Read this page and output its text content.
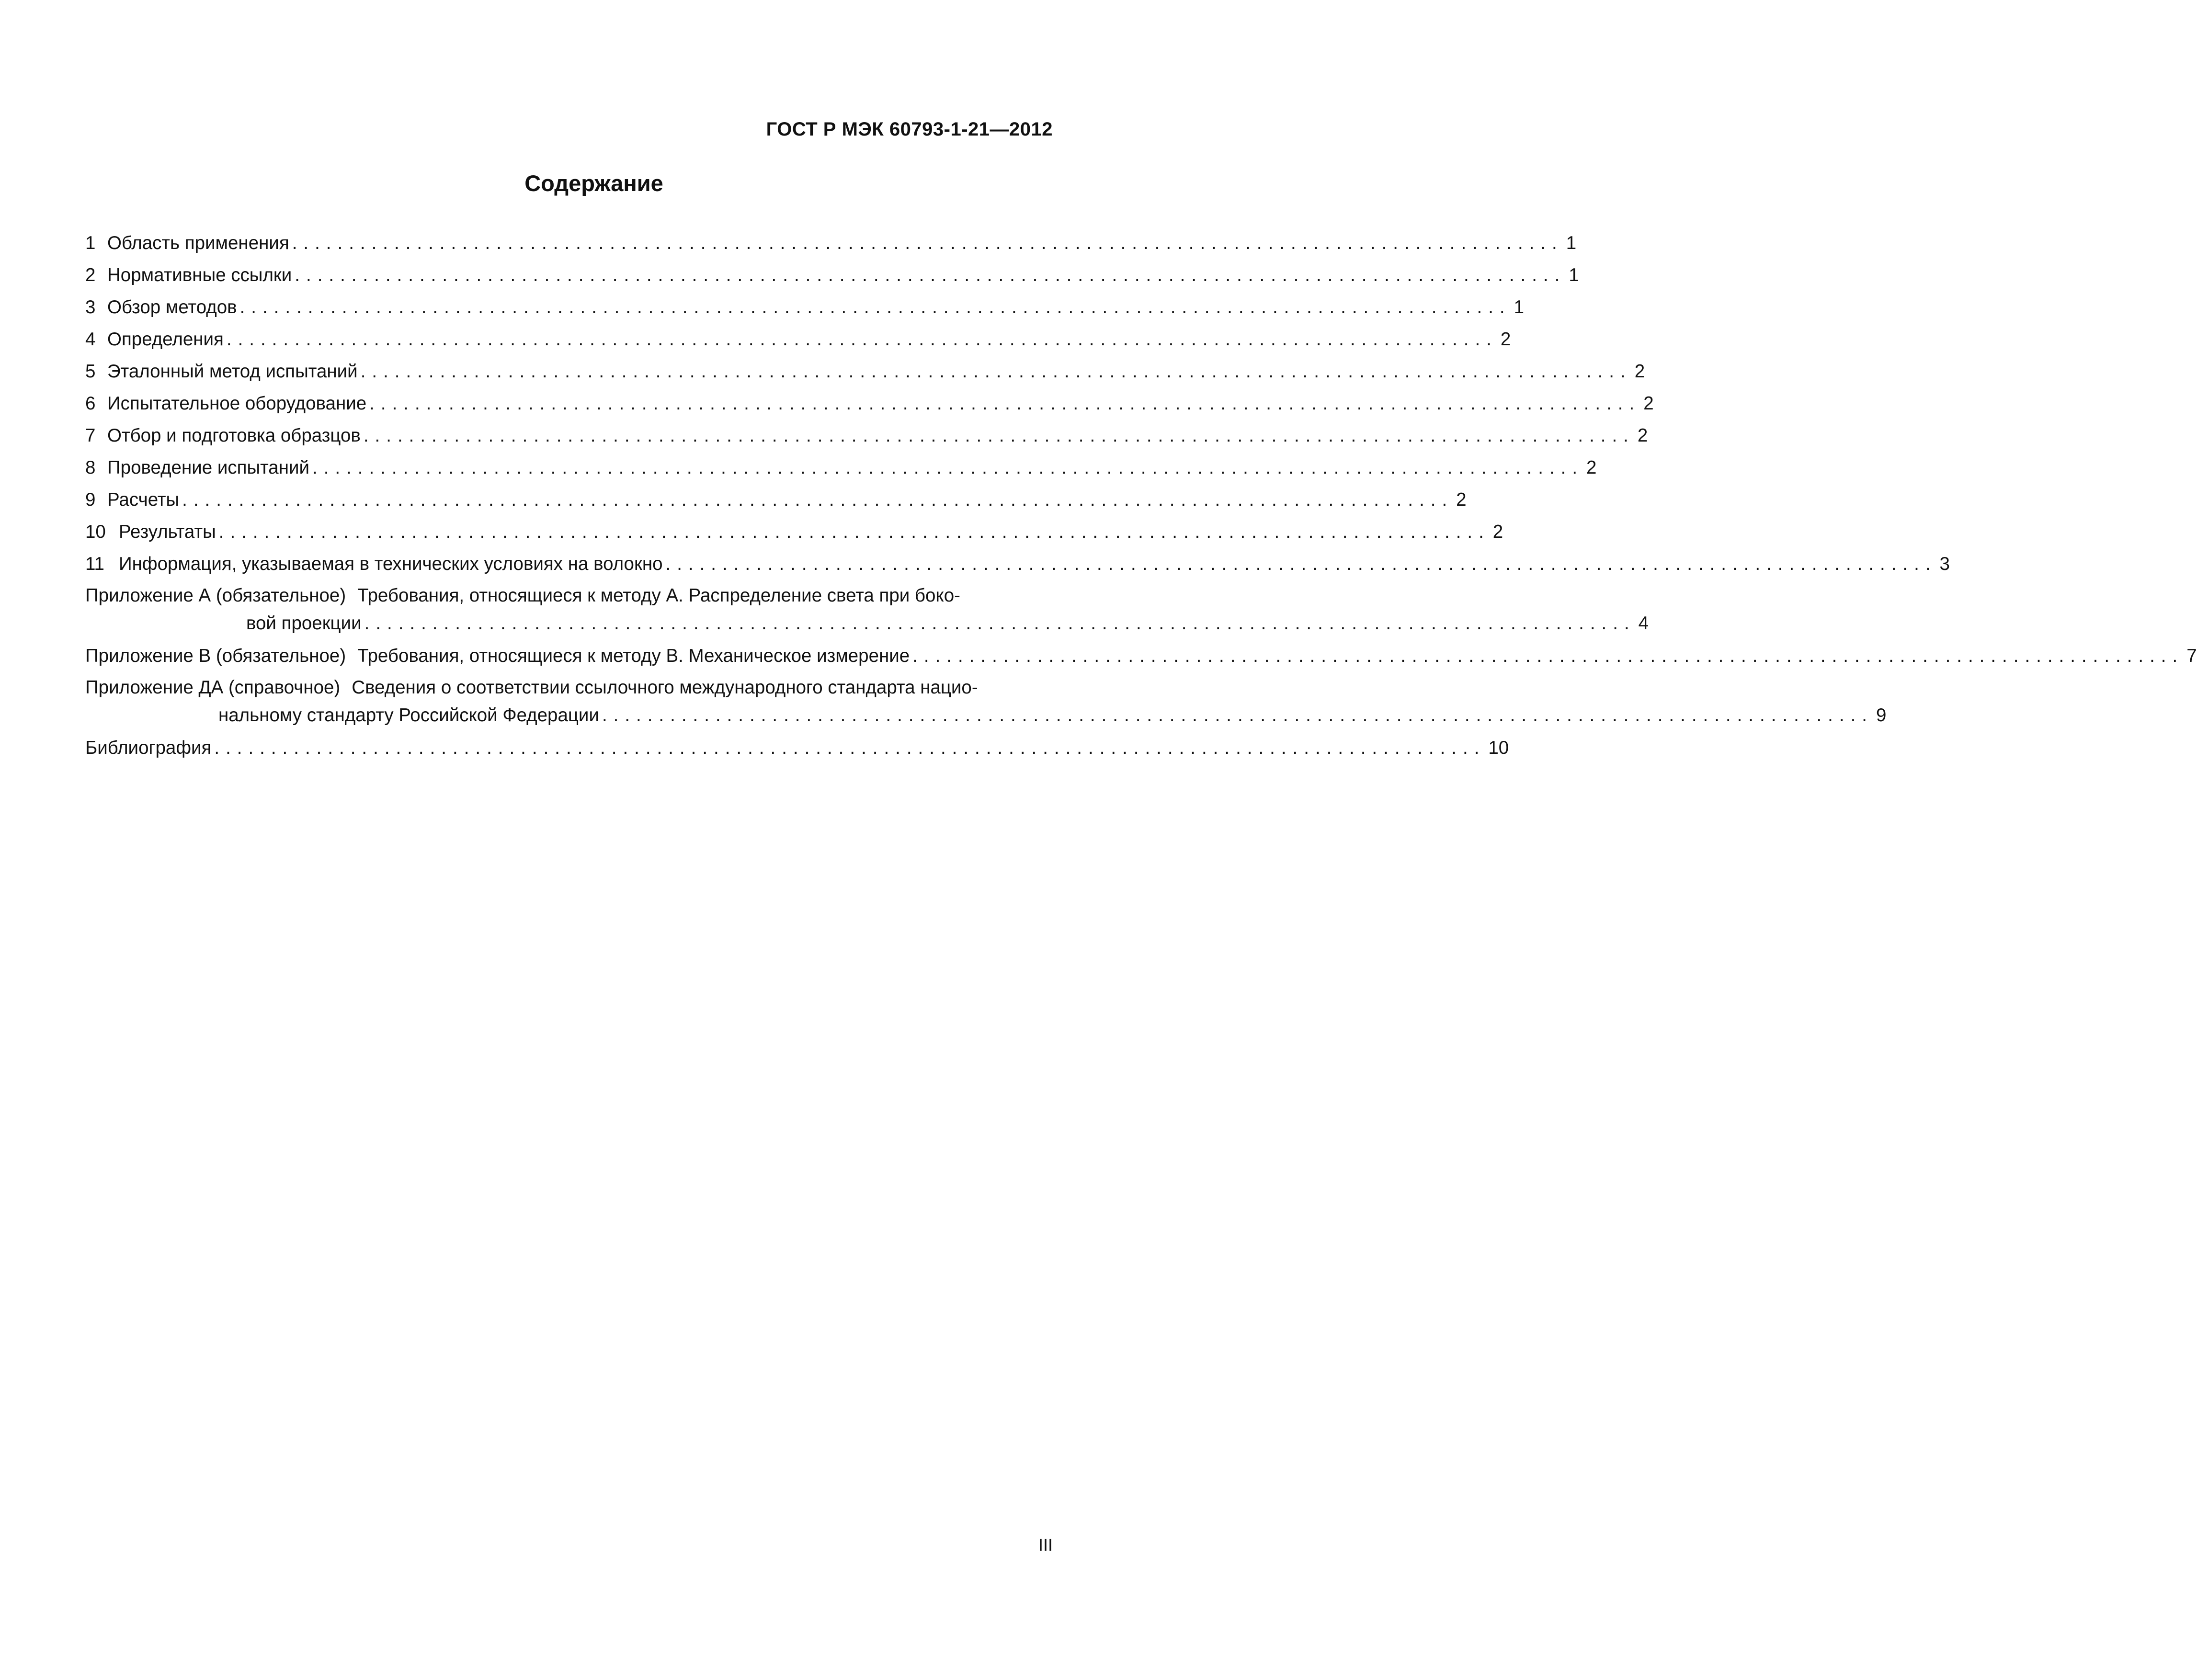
ГОСТ Р МЭК 60793-1-21—2012
Содержание
1 Область применения ................................................................................................................ 1
2 Нормативные ссылки ................................................................................................................ 1
3 Обзор методов ................................................................................................................ 1
4 Определения ................................................................................................................ 2
5 Эталонный метод испытаний ................................................................................................................ 2
6 Испытательное оборудование ................................................................................................................ 2
7 Отбор и подготовка образцов ................................................................................................................ 2
8 Проведение испытаний ................................................................................................................ 2
9 Расчеты ................................................................................................................ 2
10 Результаты ................................................................................................................ 2
11 Информация, указываемая в технических условиях на волокно ................................................................................................................ 3
Приложение А (обязательное) Требования, относящиеся к методу А. Распределение света при боко-
вой проекции ................................................................................................................ 4
Приложение В (обязательное) Требования, относящиеся к методу В. Механическое измерение ................................................................................................................ 7
Приложение ДА (справочное) Сведения о соответствии ссылочного международного стандарта нацио-
нальному стандарту Российской Федерации ................................................................................................................ 9
Библиография ................................................................................................................ 10
III
